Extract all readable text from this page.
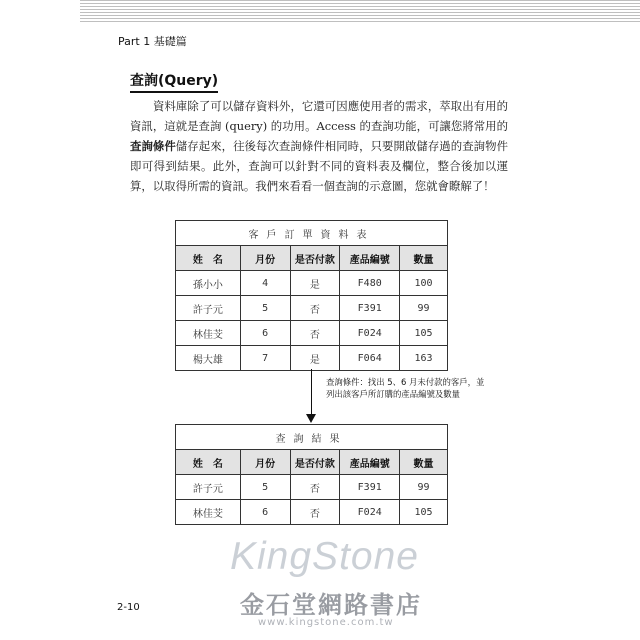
Part 1 基礎篇
查詢(Query)

資料庫除了可以儲存資料外，它還可因應使用者的需求，萃取出有用的資訊，這就是查詢 (query) 的功用。Access 的查詢功能，可讓您將常用的查詢條件儲存起來，往後每次查詢條件相同時，只要開啟儲存過的查詢物件即可得到結果。此外，查詢可以針對不同的資料表及欄位，整合後加以運算，以取得所需的資訊。我們來看看一個查詢的示意圖，您就會瞭解了！

客戶訂單資料表				
姓　名	月份	是否付款	產品編號	數量
孫小小	4	是	F480	100
許子元	5	否	F391	99
林佳芠	6	否	F024	105
楊大雄	7	是	F064	163
查詢條件：找出 5、6 月未付款的客戶，並列出該客戶所訂購的產品編號及數量
查詢結果				
姓　名	月份	是否付款	產品編號	數量
許子元	5	否	F391	99
林佳芠	6	否	F024	105
KingStone
金石堂網路書店
www.kingstone.com.tw
2-10
